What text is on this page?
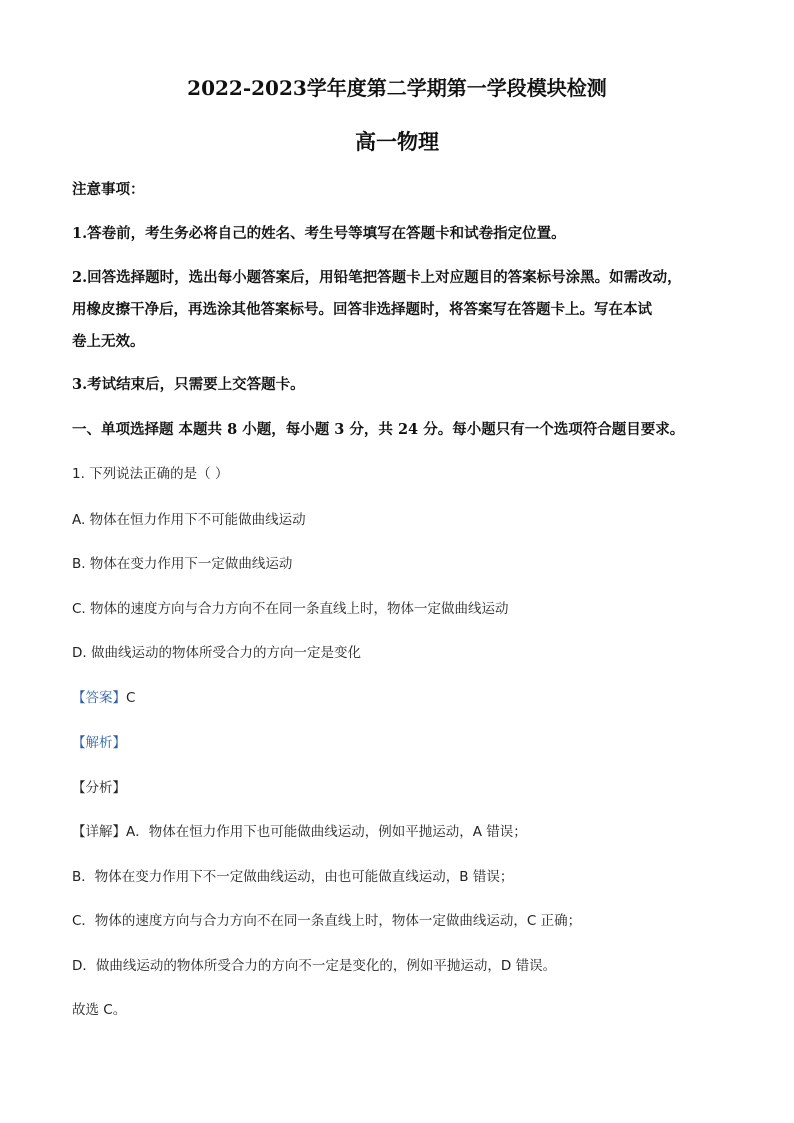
2022-2023学年度第二学期第一学段模块检测
高一物理
注意事项：
1.答卷前，考生务必将自己的姓名、考生号等填写在答题卡和试卷指定位置。
2.回答选择题时，选出每小题答案后，用铅笔把答题卡上对应题目的答案标号涂黑。如需改动，
用橡皮擦干净后，再选涂其他答案标号。回答非选择题时，将答案写在答题卡上。写在本试
卷上无效。
3.考试结束后，只需要上交答题卡。
一、单项选择题 本题共 8 小题，每小题 3 分，共 24 分。每小题只有一个选项符合题目要求。
1. 下列说法正确的是（ ）
A. 物体在恒力作用下不可能做曲线运动
B. 物体在变力作用下一定做曲线运动
C. 物体的速度方向与合力方向不在同一条直线上时，物体一定做曲线运动
D. 做曲线运动的物体所受合力的方向一定是变化
【答案】C
【解析】
【分析】
【详解】A．物体在恒力作用下也可能做曲线运动，例如平抛运动，A 错误；
B．物体在变力作用下不一定做曲线运动，由也可能做直线运动，B 错误；
C．物体的速度方向与合力方向不在同一条直线上时，物体一定做曲线运动，C 正确；
D．做曲线运动的物体所受合力的方向不一定是变化的，例如平抛运动，D 错误。
故选 C。
